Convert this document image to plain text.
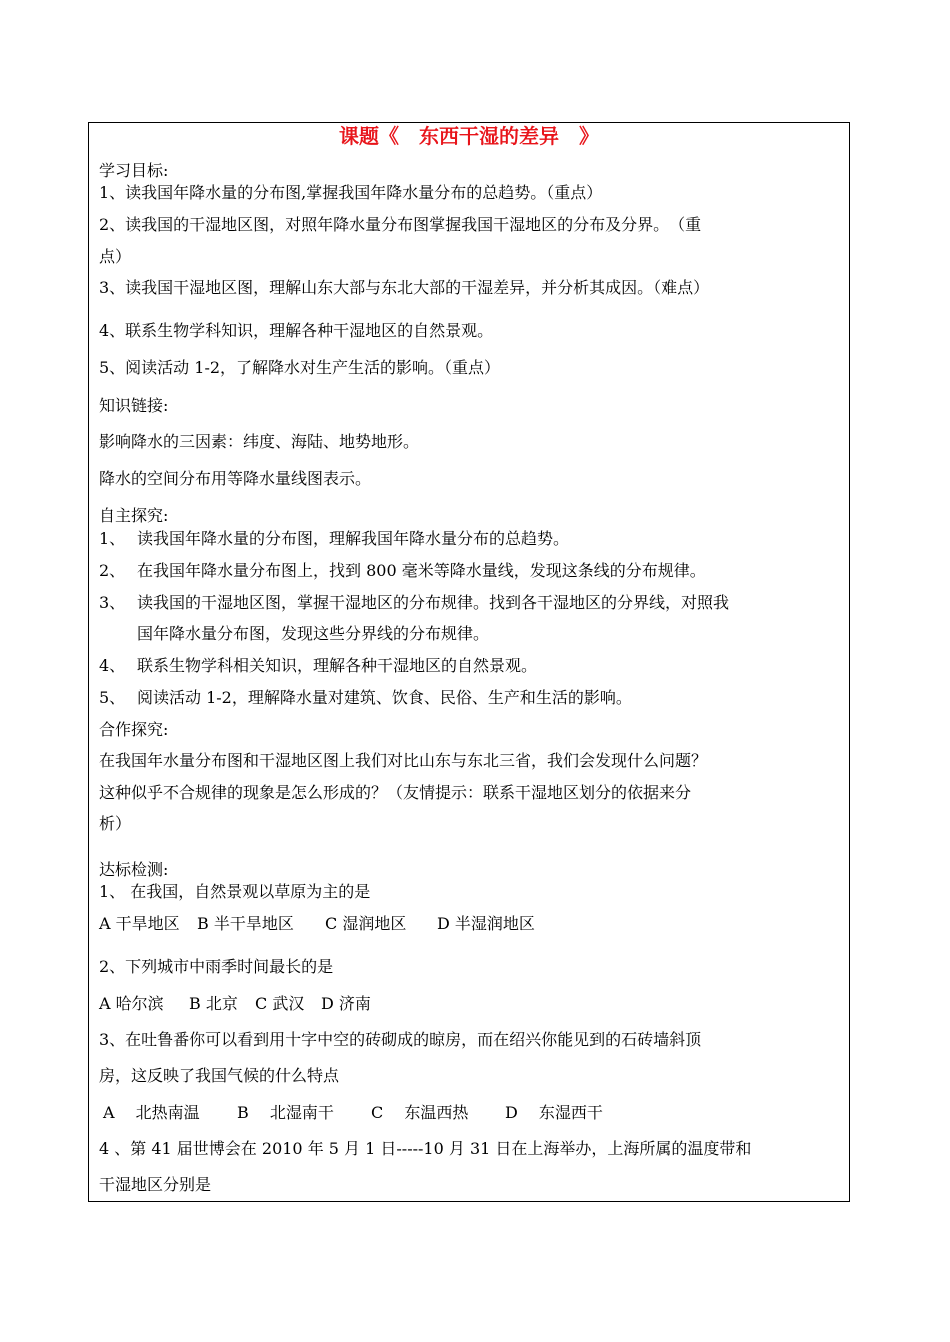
课题《　东西干湿的差异　》
学习目标:
1、读我国年降水量的分布图,掌握我国年降水量分布的总趋势。（重点）
2、读我国的干湿地区图，对照年降水量分布图掌握我国干湿地区的分布及分界。　（重
点）
3、读我国干湿地区图，理解山东大部与东北大部的干湿差异，并分析其成因。（难点）
4、联系生物学科知识，理解各种干湿地区的自然景观。
5、阅读活动 1-2，了解降水对生产生活的影响。（重点）
知识链接:
影响降水的三因素：纬度、海陆、地势地形。
降水的空间分布用等降水量线图表示。
自主探究:
1、 读我国年降水量的分布图，理解我国年降水量分布的总趋势。
2、 在我国年降水量分布图上，找到 800 毫米等降水量线，发现这条线的分布规律。
3、 读我国的干湿地区图，掌握干湿地区的分布规律。找到各干湿地区的分界线，对照我
国年降水量分布图，发现这些分界线的分布规律。
4、 联系生物学科相关知识，理解各种干湿地区的自然景观。
5、 阅读活动 1-2，理解降水量对建筑、饮食、民俗、生产和生活的影响。
合作探究:
在我国年水量分布图和干湿地区图上我们对比山东与东北三省，我们会发现什么问题？
这种似乎不合规律的现象是怎么形成的？（友情提示：联系干湿地区划分的依据来分
析）
达标检测:
1、 在我国，自然景观以草原为主的是
A 干旱地区 B 半干旱地区 C 湿润地区 D 半湿润地区
2、下列城市中雨季时间最长的是
A 哈尔滨 B 北京 C 武汉 D 济南
3、在吐鲁番你可以看到用十字中空的砖砌成的晾房，而在绍兴你能见到的石砖墙斜顶
房，这反映了我国气候的什么特点
A　 北热南温 B　 北湿南干 C　 东温西热 D　 东湿西干
4 、第 41 届世博会在 2010 年 5 月 1 日-----10 月 31 日在上海举办，上海所属的温度带和
干湿地区分别是
